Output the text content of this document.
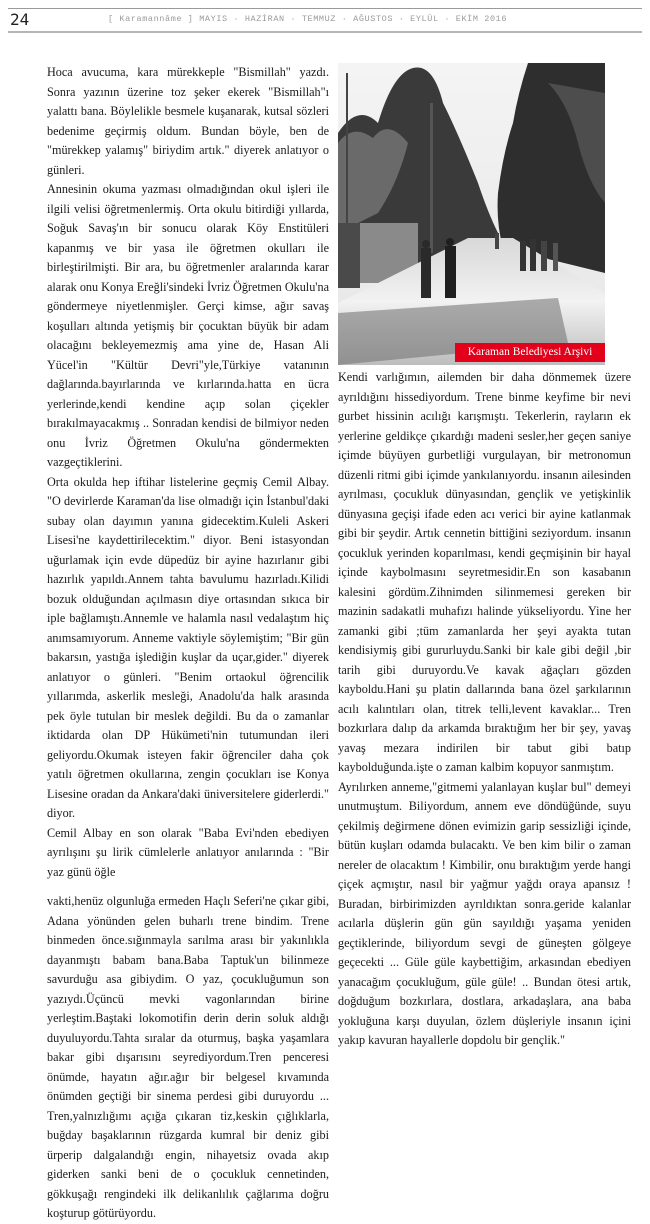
24	[ Karamannâme ] MAYIS · HAZİRAN · TEMMUZ · AĞUSTOS · EYLÜL · EKİM 2016

Hoca avucuma, kara mürekkeple "Bismillah" yazdı. Sonra yazının üzerine toz şeker ekerek "Bismillah"ı yalattı bana. Böylelikle besmele kuşanarak, kutsal sözleri bedenime geçirmiş oldum. Bundan böyle, ben de "mürekkep yalamış" biriydim artık." diyerek anlatıyor o günleri.

Annesinin okuma yazması olmadığından okul işleri ile ilgili velisi öğretmenlermiş. Orta okulu bitirdiği yıllarda, Soğuk Savaş'ın bir sonucu olarak Köy Enstitüleri kapanmış ve bir yasa ile öğretmen okulları ile birleştirilmişti. Bir ara, bu öğretmenler aralarında karar alarak onu Konya Ereğli'sindeki İvriz Öğretmen Okulu'na göndermeye niyetlenmişler. Gerçi kimse, ağır savaş koşulları altında yetişmiş bir çocuktan büyük bir adam olacağını bekleyemezmiş ama yine de, Hasan Ali Yücel'in "Kültür Devri"yle,Türkiye vatanının dağlarında.bayırlarında ve kırlarında.hatta en ücra yerlerinde,kendi kendine açıp solan çiçekler bırakılmayacakmış .. Sonradan kendisi de bilmiyor neden onu İvriz Öğretmen Okulu'na göndermekten vazgeçtiklerini.

Orta okulda hep iftihar listelerine geçmiş Cemil Albay. "O devirlerde Karaman'da lise olmadığı için İstanbul'daki subay olan dayımın yanına gidecektim.Kuleli Askeri Lisesi'ne kaydettirilecektim." diyor. Beni istasyondan uğurlamak için evde düpedüz bir ayine hazırlanır gibi hazırlık yapıldı.Annem tahta bavulumu hazırladı.Kilidi bozuk olduğundan açılmasın diye ortasından sıkıca bir iple bağlamıştı.Annemle ve halamla nasıl vedalaştım hiç anımsamıyorum. Anneme vaktiyle söylemiştim; "Bir gün bakarsın, yastığa işlediğin kuşlar da uçar,gider." diyerek anlatıyor o günleri. "Benim ortaokul öğrencilik yıllarımda, askerlik mesleği, Anadolu'da halk arasında pek öyle tutulan bir meslek değildi. Bu da o zamanlar iktidarda olan DP Hükümeti'nin tutumundan ileri geliyordu.Okumak isteyen fakir öğrenciler daha çok yatılı öğretmen okullarına, zengin çocukları ise Konya Lisesine oradan da Ankara'daki üniversitelere giderlerdi." diyor.

Cemil Albay en son olarak "Baba Evi'nden ebediyen ayrılışını şu lirik cümlelerle anlatıyor anılarında : "Bir yaz günü öğle

vakti,henüz olgunluğa ermeden Haçlı Seferi'ne çıkar gibi, Adana yönünden gelen buharlı trene bindim. Trene binmeden önce.sığınmayla sarılma arası bir yakınlıkla dayanmıştı babam bana.Baba Taptuk'un bilinmeze savurduğu asa gibiydim. O yaz, çocukluğumun son yazıydı.Üçüncü mevki vagonlarından birine yerleştim.Baştaki lokomotifin derin derin soluk aldığı duyuluyordu.Tahta sıralar da oturmuş, başka yaşamlara bakar gibi dışarısını seyrediyordum.Tren penceresi önümde, hayatın ağır.ağır bir belgesel kıvamında önümden geçtiği bir sinema perdesi gibi duruyordu ... Tren,yalnızlığımı açığa çıkaran tiz,keskin çığlıklarla, buğday başaklarının rüzgarda kumral bir deniz gibi ürperip dalgalandığı engin, nihayetsiz ovada akıp giderken sanki beni de o çocukluk cennetinden, gökkuşağı rengindeki ilk delikanlılık çağlarıma doğru koşturup götürüyordu.

Karaman Belediyesi Arşivi

Kendi varlığımın, ailemden bir daha dönmemek üzere ayrıldığını hissediyordum. Trene binme keyfime bir nevi gurbet hissinin acılığı karışmıştı. Tekerlerin, rayların ek yerlerine geldikçe çıkardığı madeni sesler,her geçen saniye içimde büyüyen gurbetliği vurgulayan, bir metronomun düzenli ritmi gibi içimde yankılanıyordu. insanın ailesinden ayrılması, çocukluk dünyasından, gençlik ve yetişkinlik dünyasına geçişi ifade eden acı verici bir ayine katlanmak gibi bir şeydir. Artık cennetin bittiğini seziyordum. insanın çocukluk yerinden koparılması, kendi geçmişinin bir hayal içinde kaybolmasını seyretmesidir.En son kasabanın kalesini gördüm.Zihnimden silinmemesi gereken bir mazinin sadakatli muhafızı halinde yükseliyordu. Yine her zamanki gibi ;tüm zamanlarda her şeyi ayakta tutan kendisiymiş gibi gururluydu.Sanki bir kale gibi değil ,bir tarih gibi duruyordu.Ve kavak ağaçları gözden kayboldu.Hani şu platin dallarında bana özel şarkılarının acılı kalıntıları olan, titrek telli,levent kavaklar... Tren bozkırlara dalıp da arkamda bıraktığım her bir şey, yavaş yavaş mezara indirilen bir tabut gibi batıp kaybolduğunda.işte o zaman kalbim kopuyor sanmıştım.

Ayrılırken anneme,"gitmemi yalanlayan kuşlar bul" demeyi unutmuştum. Biliyordum, annem eve döndüğünde, suyu çekilmiş değirmene dönen evimizin garip sessizliği içinde, bütün kuşları odamda bulacaktı. Ve ben kim bilir o zaman nereler de olacaktım ! Kimbilir, onu bıraktığım yerde hangi çiçek açmıştır, nasıl bir yağmur yağdı oraya apansız ! Buradan, birbirimizden ayrıldıktan sonra.geride kalanlar acılarla düşlerin gün gün sayıldığı yaşama yeniden geçtiklerinde, biliyordum sevgi de güneşten gölgeye geçecekti ... Güle güle kaybettiğim, arkasından ebediyen yanacağım çocukluğum, güle güle! .. Bundan ötesi artık, doğduğum bozkırlara, dostlara, arkadaşlara, ana baba yokluğuna karşı duyulan, özlem düşleriyle insanın içini yakıp kavuran hayallerle dopdolu bir gençlik."
